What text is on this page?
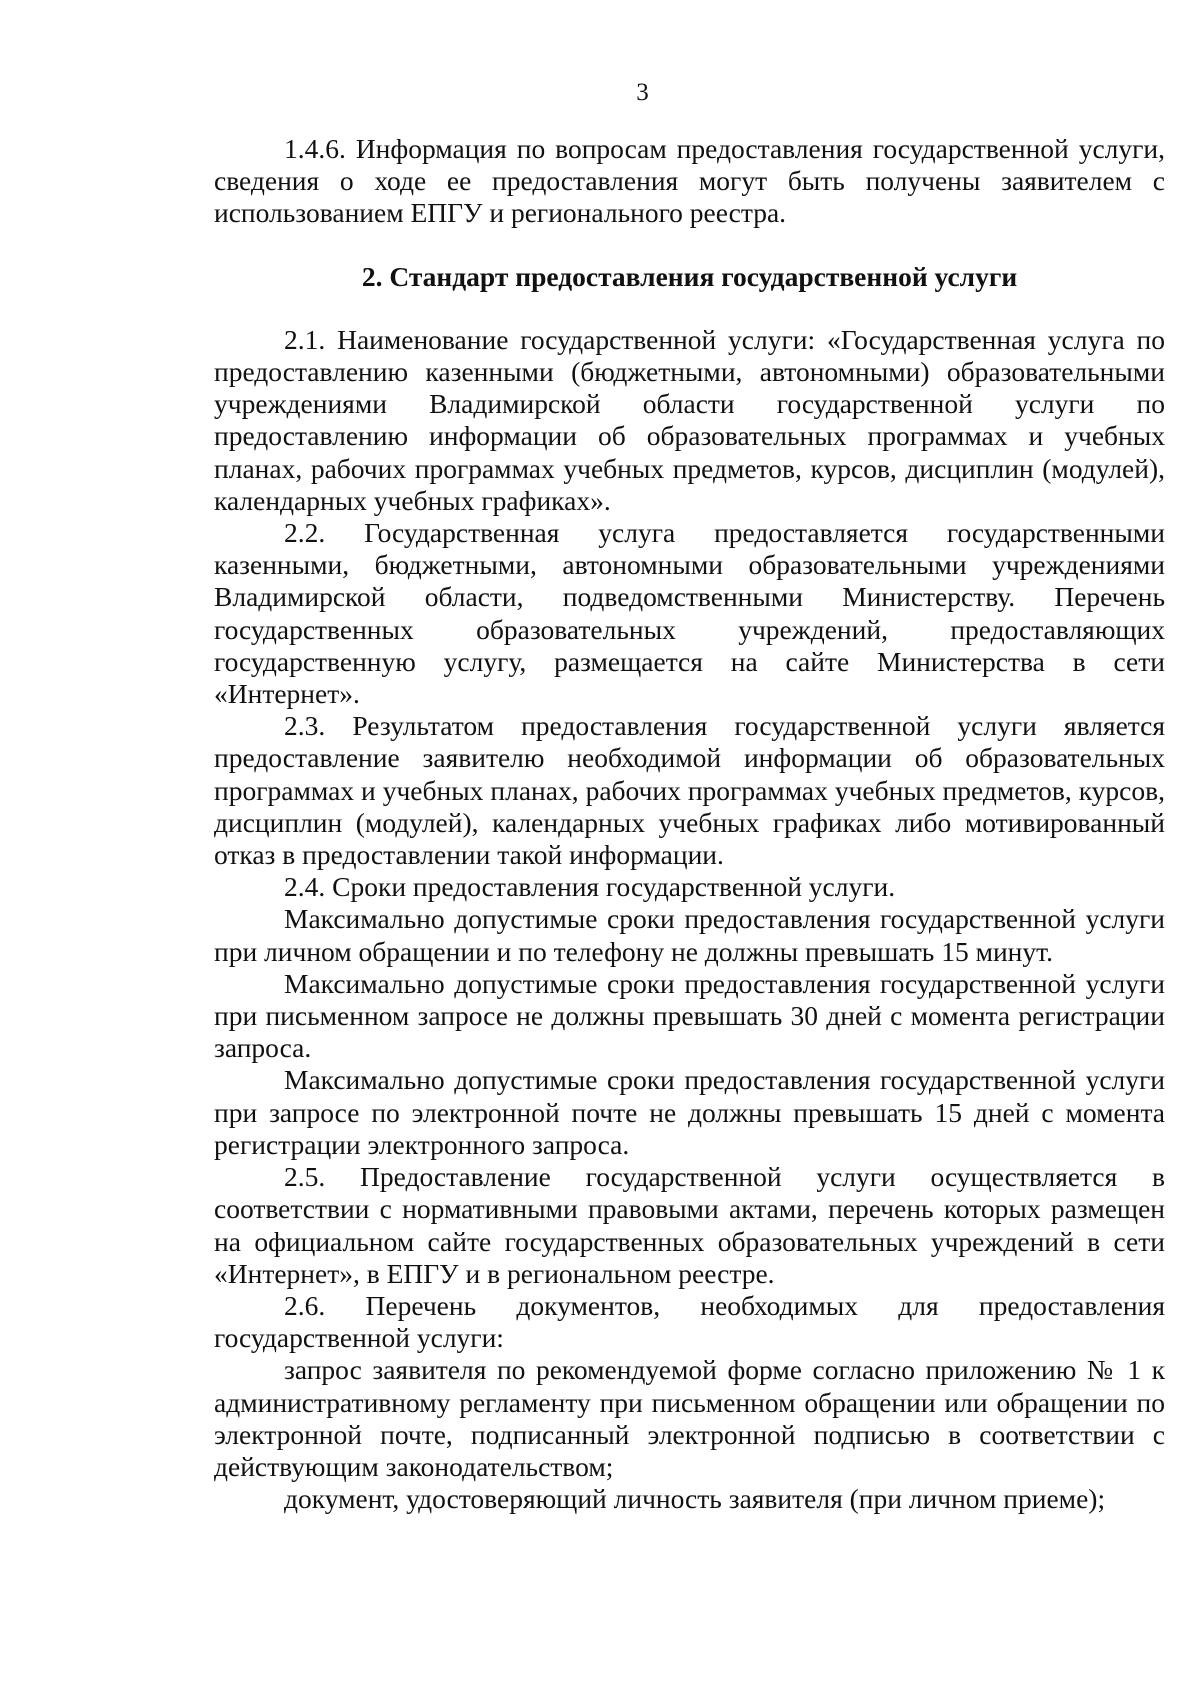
3

1.4.6. Информация по вопросам предоставления государственной услуги, сведения о ходе ее предоставления могут быть получены заявителем с использованием ЕПГУ и регионального реестра.

2. Стандарт предоставления государственной услуги

2.1. Наименование государственной услуги: «Государственная услуга по предоставлению казенными (бюджетными, автономными) образовательными учреждениями Владимирской области государственной услуги по предоставлению информации об образовательных программах и учебных планах, рабочих программах учебных предметов, курсов, дисциплин (модулей), календарных учебных графиках».

2.2. Государственная услуга предоставляется государственными казенными, бюджетными, автономными образовательными учреждениями Владимирской области, подведомственными Министерству. Перечень государственных образовательных учреждений, предоставляющих государственную услугу, размещается на сайте Министерства в сети «Интернет».

2.3. Результатом предоставления государственной услуги является предоставление заявителю необходимой информации об образовательных программах и учебных планах, рабочих программах учебных предметов, курсов, дисциплин (модулей), календарных учебных графиках либо мотивированный отказ в предоставлении такой информации.

2.4. Сроки предоставления государственной услуги.

Максимально допустимые сроки предоставления государственной услуги при личном обращении и по телефону не должны превышать 15 минут.

Максимально допустимые сроки предоставления государственной услуги при письменном запросе не должны превышать 30 дней с момента регистрации запроса.

Максимально допустимые сроки предоставления государственной услуги при запросе по электронной почте не должны превышать 15 дней с момента регистрации электронного запроса.

2.5. Предоставление государственной услуги осуществляется в соответствии с нормативными правовыми актами, перечень которых размещен на официальном сайте государственных образовательных учреждений в сети «Интернет», в ЕПГУ и в региональном реестре.

2.6. Перечень документов, необходимых для предоставления государственной услуги:

запрос заявителя по рекомендуемой форме согласно приложению № 1 к административному регламенту при письменном обращении или обращении по электронной почте, подписанный электронной подписью в соответствии с действующим законодательством;

документ, удостоверяющий личность заявителя (при личном приеме);
